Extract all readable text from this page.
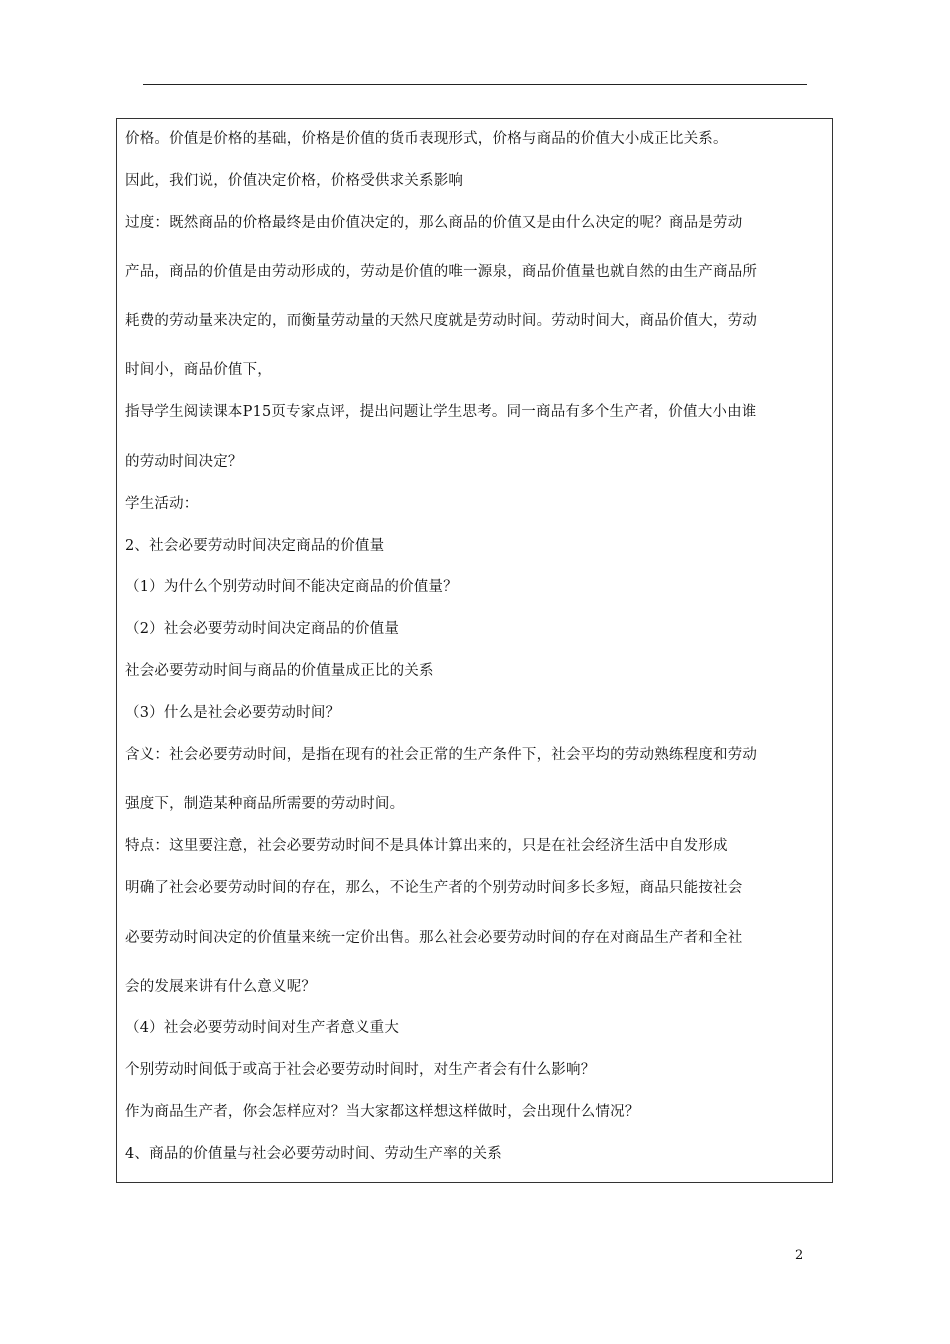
价格。价值是价格的基础，价格是价值的货币表现形式，价格与商品的价值大小成正比关系。
因此，我们说，价值决定价格，价格受供求关系影响
过度：既然商品的价格最终是由价值决定的，那么商品的价值又是由什么决定的呢？商品是劳动
产品，商品的价值是由劳动形成的，劳动是价值的唯一源泉，商品价值量也就自然的由生产商品所
耗费的劳动量来决定的，而衡量劳动量的天然尺度就是劳动时间。劳动时间大，商品价值大，劳动
时间小，商品价值下，
指导学生阅读课本P15页专家点评，提出问题让学生思考。同一商品有多个生产者，价值大小由谁
的劳动时间决定？
学生活动：
2、社会必要劳动时间决定商品的价值量
（1）为什么个别劳动时间不能决定商品的价值量？
（2）社会必要劳动时间决定商品的价值量
社会必要劳动时间与商品的价值量成正比的关系
（3）什么是社会必要劳动时间？
含义：社会必要劳动时间，是指在现有的社会正常的生产条件下，社会平均的劳动熟练程度和劳动
强度下，制造某种商品所需要的劳动时间。
特点：这里要注意，社会必要劳动时间不是具体计算出来的，只是在社会经济生活中自发形成
明确了社会必要劳动时间的存在，那么，不论生产者的个别劳动时间多长多短，商品只能按社会
必要劳动时间决定的价值量来统一定价出售。那么社会必要劳动时间的存在对商品生产者和全社
会的发展来讲有什么意义呢？
（4）社会必要劳动时间对生产者意义重大
个别劳动时间低于或高于社会必要劳动时间时，对生产者会有什么影响？
作为商品生产者，你会怎样应对？当大家都这样想这样做时，会出现什么情况？
4、商品的价值量与社会必要劳动时间、劳动生产率的关系
2
